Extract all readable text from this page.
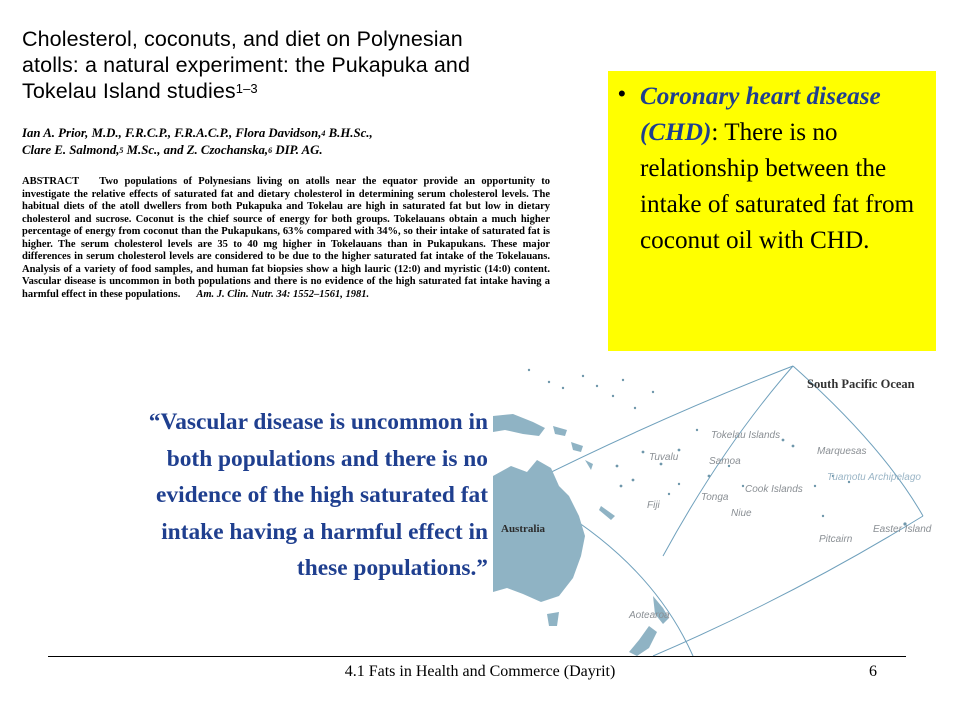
Cholesterol, coconuts, and diet on Polynesian
atolls: a natural experiment: the Pukapuka and
Tokelau Island studies$^{1-3}$
Ian A. Prior, M.D., F.R.C.P., F.R.A.C.P., Flora Davidson,$^4$ B.H.Sc.,
Clare E. Salmond,$^5$ M.Sc., and Z. Czochanska,$^6$ DIP. AG.
ABSTRACT Two populations of Polynesians living on atolls near the equator provide an opportunity to investigate the relative effects of saturated fat and dietary cholesterol in determining serum cholesterol levels. The habitual diets of the atoll dwellers from both Pukapuka and Tokelau are high in saturated fat but low in dietary cholesterol and sucrose. Coconut is the chief source of energy for both groups. Tokelauans obtain a much higher percentage of energy from coconut than the Pukapukans, 63% compared with 34%, so their intake of saturated fat is higher. The serum cholesterol levels are 35 to 40 mg higher in Tokelauans than in Pukapukans. These major differences in serum cholesterol levels are considered to be due to the higher saturated fat intake of the Tokelauans. Analysis of a variety of food samples, and human fat biopsies show a high lauric (12:0) and myristic (14:0) content. Vascular disease is uncommon in both populations and there is no evidence of the high saturated fat intake having a harmful effect in these populations. Am. J. Clin. Nutr. 34: 1552–1561, 1981.
• Coronary heart disease (CHD): There is no relationship between the intake of saturated fat from coconut oil with CHD.
South Pacific Ocean
Australia
Tokelau Islands
Tuvalu	Samoa
Marquesas
Tuamotu Archipelago
Tonga
Cook Islands
Fiji
Niue
Easter Island
Pitcairn
Aotearoa
“Vascular disease is uncommon in
both populations and there is no
evidence of the high saturated fat
intake having a harmful effect in
these populations.”
4.1 Fats in Health and Commerce (Dayrit)	6
